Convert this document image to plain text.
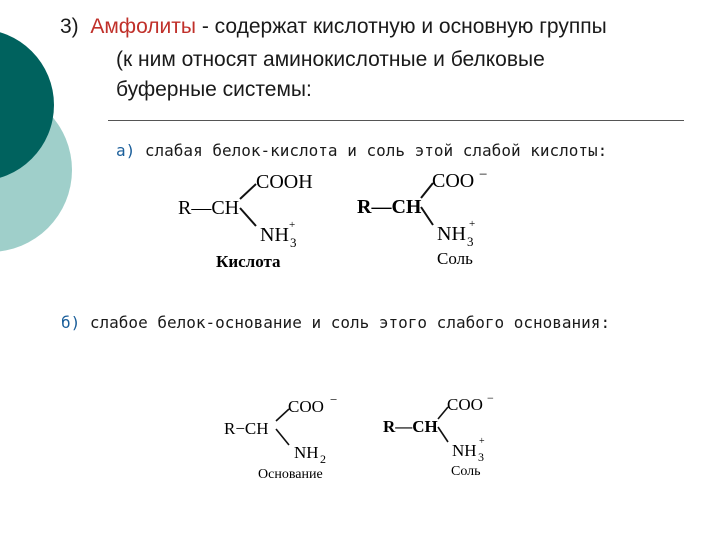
3) Амфолиты - содержат кислотную и основную группы
(к ним относят аминокислотные и белковые
буферные системы:
а) слабая белок-кислота и соль этой слабой кислоты:
R—CH
COOH
NH 3
+
Кислота
R—CH
COO −
NH 3
+
Соль
б) слабое белок-основание и соль этого слабого основания:
R−CH
COO −
NH 2
Основание
R—CH
COO −
NH 3
+
Соль
